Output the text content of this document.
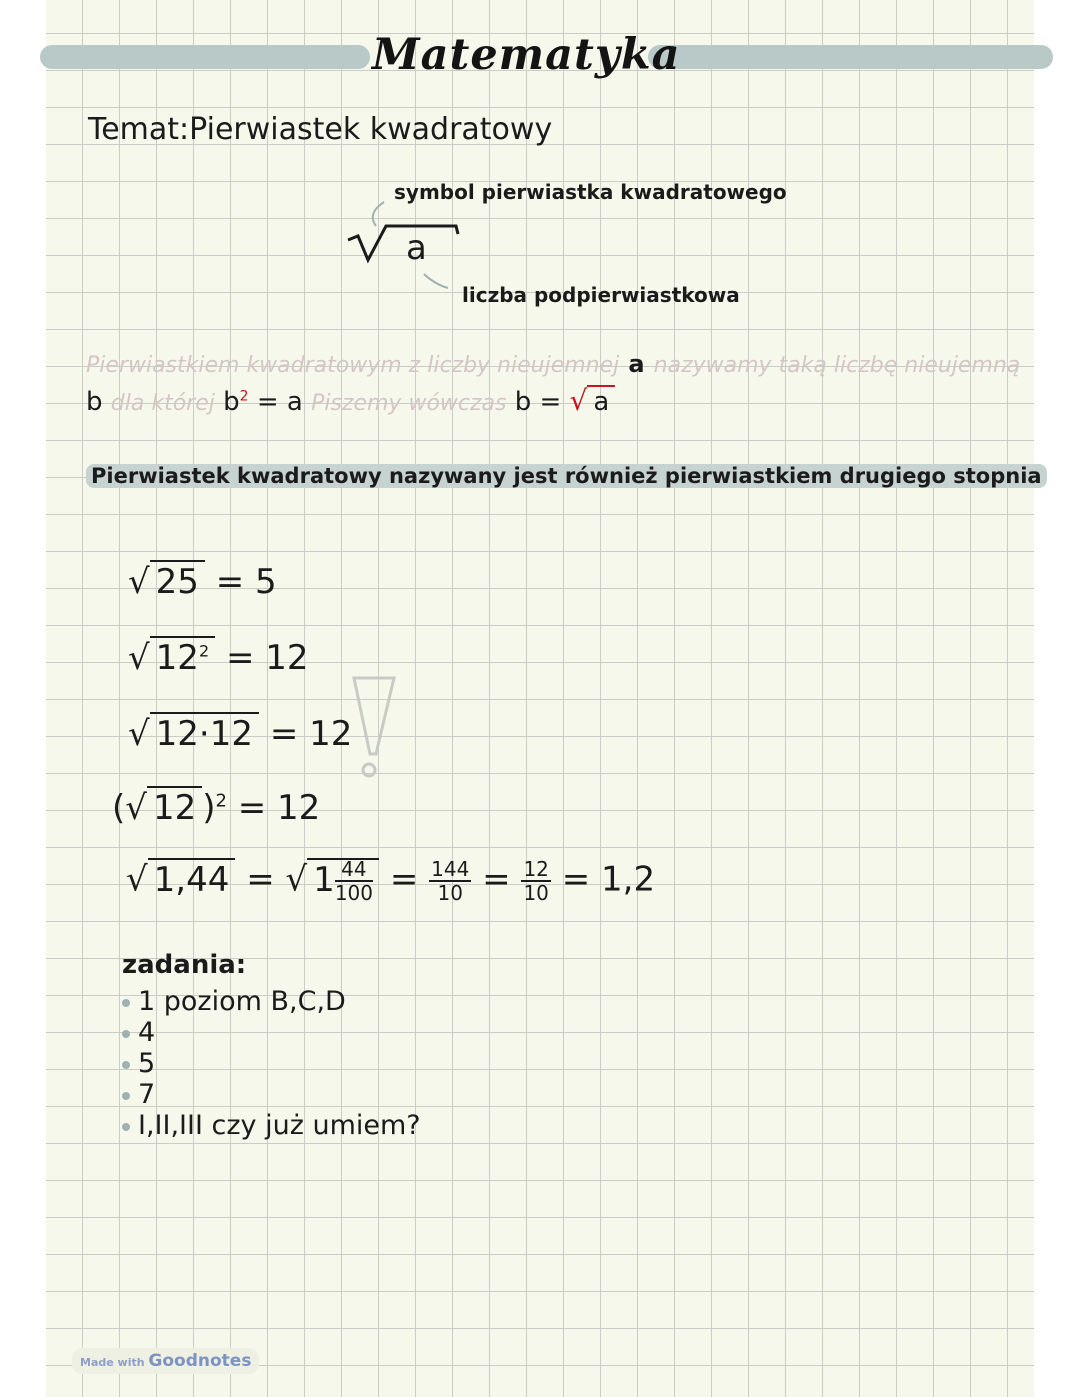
Matematyka
Temat:Pierwiastek kwadratowy
symbol pierwiastka kwadratowego
a
liczba podpierwiastkowa
Pierwiastkiem kwadratowym z liczby nieujemnej a nazywamy taką liczbę nieujemną
b dla której $b^2 = a$ Piszemy wówczas b = √ a
Pierwiastek kwadratowy nazywany jest również pierwiastkiem drugiego stopnia
√ 25 = 5
√ $12^2 = 12$
√ 12·12 = 12
(√ 12 )$^2$ = 12
√ 1,44 = √ $1 \frac{44}{100} = \frac{144}{10} = \frac{12}{10} = 1,2$
zadania:
1 poziom B,C,D
4
5
7
I,II,III czy już umiem?
Made with Goodnotes
